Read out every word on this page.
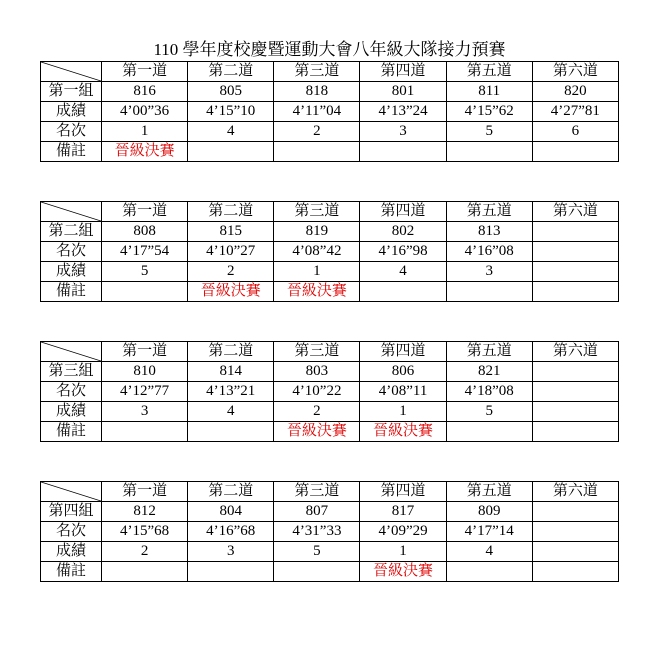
110 學年度校慶暨運動大會八年級大隊接力預賽
	第一道	第二道	第三道	第四道	第五道	第六道
第一組	816	805	818	801	811	820
成績	4’00”36	4’15”10	4’11”04	4’13”24	4’15”62	4’27”81
名次	1	4	2	3	5	6
備註	晉級決賽					
	第一道	第二道	第三道	第四道	第五道	第六道
第二組	808	815	819	802	813	
名次	4’17”54	4’10”27	4’08”42	4’16”98	4’16”08	
成績	5	2	1	4	3	
備註		晉級決賽	晉級決賽			
	第一道	第二道	第三道	第四道	第五道	第六道
第三組	810	814	803	806	821	
名次	4’12”77	4’13”21	4’10”22	4’08”11	4’18”08	
成績	3	4	2	1	5	
備註			晉級決賽	晉級決賽		
	第一道	第二道	第三道	第四道	第五道	第六道
第四組	812	804	807	817	809	
名次	4’15”68	4’16”68	4’31”33	4’09”29	4’17”14	
成績	2	3	5	1	4	
備註				晉級決賽		
